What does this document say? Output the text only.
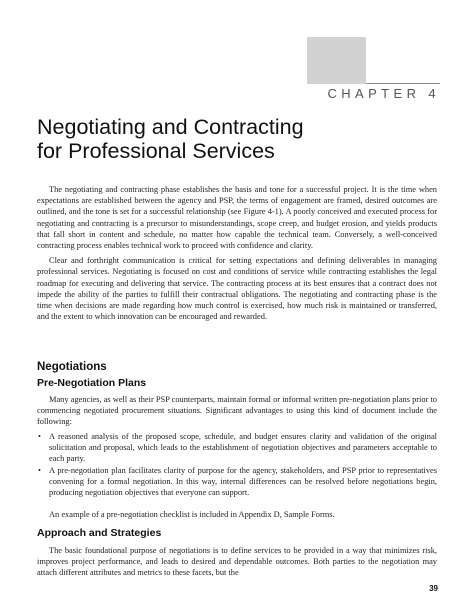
CHAPTER 4
Negotiating and Contracting
for Professional Services

The negotiating and contracting phase establishes the basis and tone for a successful project. It is the time when expectations are established between the agency and PSP, the terms of engagement are framed, desired outcomes are outlined, and the tone is set for a successful relationship (see Figure 4-1). A poorly conceived and executed process for negotiating and contracting is a precursor to misunderstandings, scope creep, and budget erosion, and yields products that fall short in content and schedule, no matter how capable the technical team. Conversely, a well-conceived contracting process enables technical work to proceed with confidence and clarity.

Clear and forthright communication is critical for setting expectations and defining deliverables in managing professional services. Negotiating is focused on cost and conditions of service while contracting establishes the legal roadmap for executing and delivering that service. The contracting process at its best ensures that a contract does not impede the ability of the parties to fulfill their contractual obligations. The negotiating and contracting phase is the time when decisions are made regarding how much control is exercised, how much risk is maintained or transferred, and the extent to which innovation can be encouraged and rewarded.

Negotiations
Pre-Negotiation Plans

Many agencies, as well as their PSP counterparts, maintain formal or informal written pre-negotiation plans prior to commencing negotiated procurement situations. Significant advantages to using this kind of document include the following:

• A reasoned analysis of the proposed scope, schedule, and budget ensures clarity and validation of the original solicitation and proposal, which leads to the establishment of negotiation objectives and parameters acceptable to each party.
• A pre-negotiation plan facilitates clarity of purpose for the agency, stakeholders, and PSP prior to representatives convening for a formal negotiation. In this way, internal differences can be resolved before negotiations begin, producing negotiation objectives that everyone can support.

An example of a pre-negotiation checklist is included in Appendix D, Sample Forms.

Approach and Strategies

The basic foundational purpose of negotiations is to define services to be provided in a way that minimizes risk, improves project performance, and leads to desired and dependable outcomes. Both parties to the negotiation may attach different attributes and metrics to these facets, but the

39
